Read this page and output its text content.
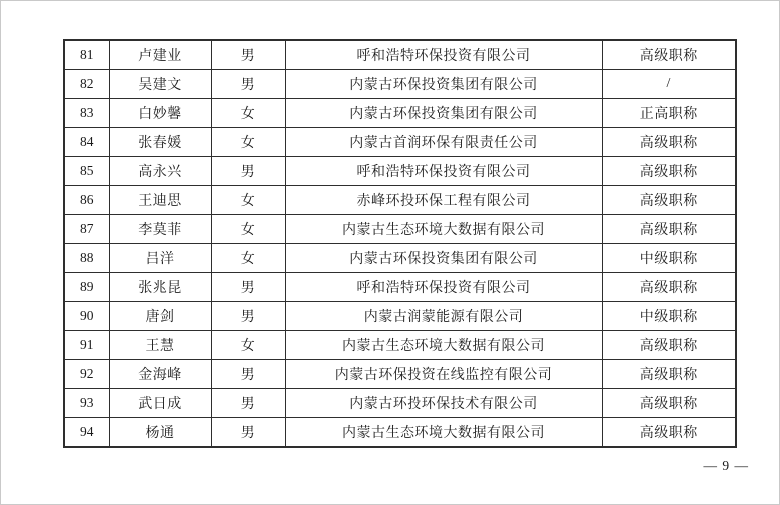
81	卢建业	男	呼和浩特环保投资有限公司	高级职称
82	吴建文	男	内蒙古环保投资集团有限公司	/
83	白妙馨	女	内蒙古环保投资集团有限公司	正高职称
84	张春媛	女	内蒙古首润环保有限责任公司	高级职称
85	高永兴	男	呼和浩特环保投资有限公司	高级职称
86	王迪思	女	赤峰环投环保工程有限公司	高级职称
87	李莫菲	女	内蒙古生态环境大数据有限公司	高级职称
88	吕洋	女	内蒙古环保投资集团有限公司	中级职称
89	张兆昆	男	呼和浩特环保投资有限公司	高级职称
90	唐剑	男	内蒙古润蒙能源有限公司	中级职称
91	王慧	女	内蒙古生态环境大数据有限公司	高级职称
92	金海峰	男	内蒙古环保投资在线监控有限公司	高级职称
93	武日成	男	内蒙古环投环保技术有限公司	高级职称
94	杨通	男	内蒙古生态环境大数据有限公司	高级职称
— 9 —
